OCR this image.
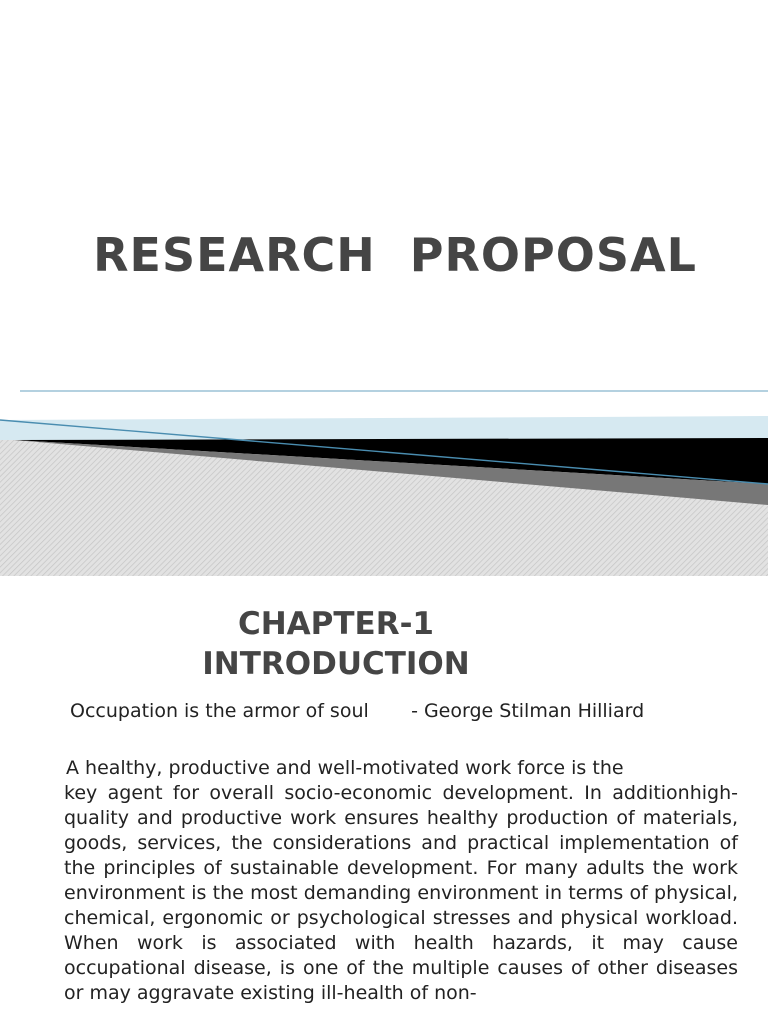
RESEARCH  PROPOSAL
CHAPTER-1
INTRODUCTION
Occupation is the armor of soul - George Stilman Hilliard
A healthy, productive and well-motivated work force is the
key agent for overall socio-economic development. In additionhigh-quality and productive work ensures healthy production of materials, goods, services, the considerations and practical implementation of the principles of sustainable development. For many adults the work environment is the most demanding environment in terms of physical, chemical, ergonomic or psychological stresses and physical workload. When work is associated with health hazards, it may cause occupational disease, is one of the multiple causes of other diseases or may aggravate existing ill-health of non-
